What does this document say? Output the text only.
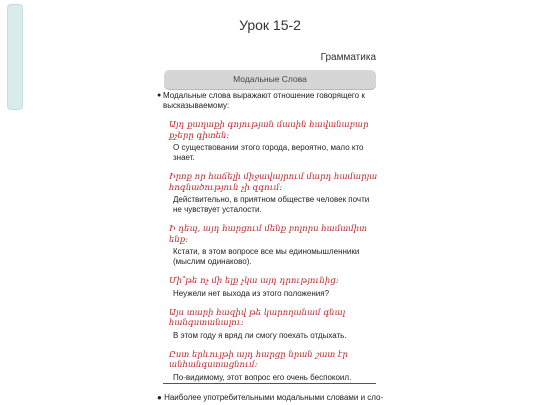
Урок 15-2
Грамматика
Модальные Слова
● Модальные слова выражают отношение говорящего к высказываемому:
Այդ քաղաքի գոյության մասին հավանաբար քչերը գիտեն:
О существовании этого города, вероятно, мало кто знает.
Իրոք որ հաճելի միջավայրում մարդ համարյա հոգնածություն չի զգում:
Действительно, в приятном обществе человек почти не чувствует усталости.
Ի դեպ, այդ հարցում մենք բոլորս համամիտ ենք:
Кстати, в этом вопросе все мы единомышленники (мыслим одинаково).
Մի՞թե ոչ մի ելք չկա այդ դրությունից:
Неужели нет выхода из этого положения?
Այս տարի հազիվ թե կարողանամ գնալ հանգստանալու:
В этом году я вряд ли смогу поехать отдыхать.
Ըստ երևույթի այդ հարցը նրան շատ էր անհանգստացնում:
По-видимому, этот вопрос его очень беспокоил.
● Наиболее употребительными модальными словами и сло-
